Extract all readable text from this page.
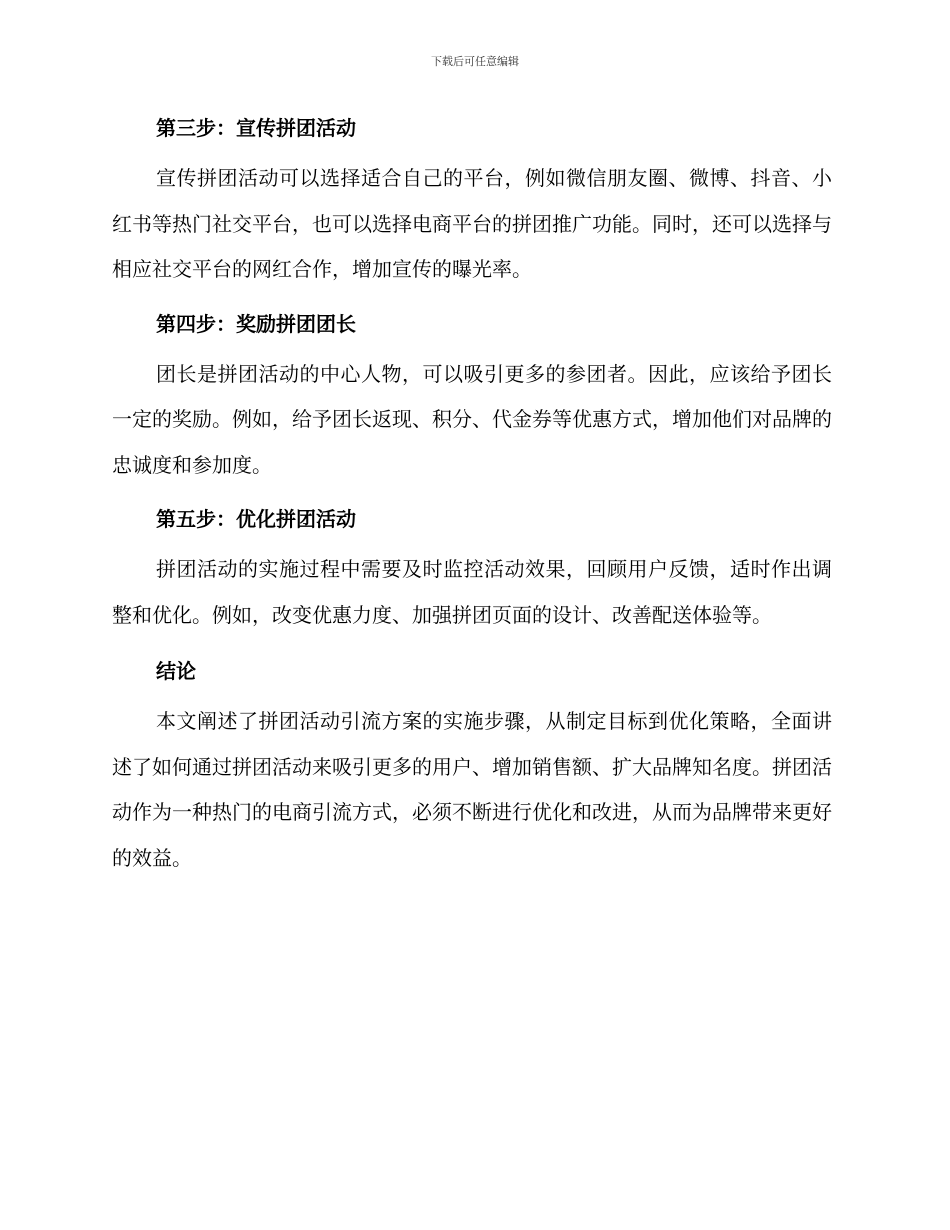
下载后可任意编辑
第三步：宣传拼团活动

宣传拼团活动可以选择适合自己的平台，例如微信朋友圈、微博、抖音、小红书等热门社交平台，也可以选择电商平台的拼团推广功能。同时，还可以选择与相应社交平台的网红合作，增加宣传的曝光率。

第四步：奖励拼团团长

团长是拼团活动的中心人物，可以吸引更多的参团者。因此，应该给予团长一定的奖励。例如，给予团长返现、积分、代金券等优惠方式，增加他们对品牌的忠诚度和参加度。

第五步：优化拼团活动

拼团活动的实施过程中需要及时监控活动效果，回顾用户反馈，适时作出调整和优化。例如，改变优惠力度、加强拼团页面的设计、改善配送体验等。

结论

本文阐述了拼团活动引流方案的实施步骤，从制定目标到优化策略，全面讲述了如何通过拼团活动来吸引更多的用户、增加销售额、扩大品牌知名度。拼团活动作为一种热门的电商引流方式，必须不断进行优化和改进，从而为品牌带来更好的效益。
